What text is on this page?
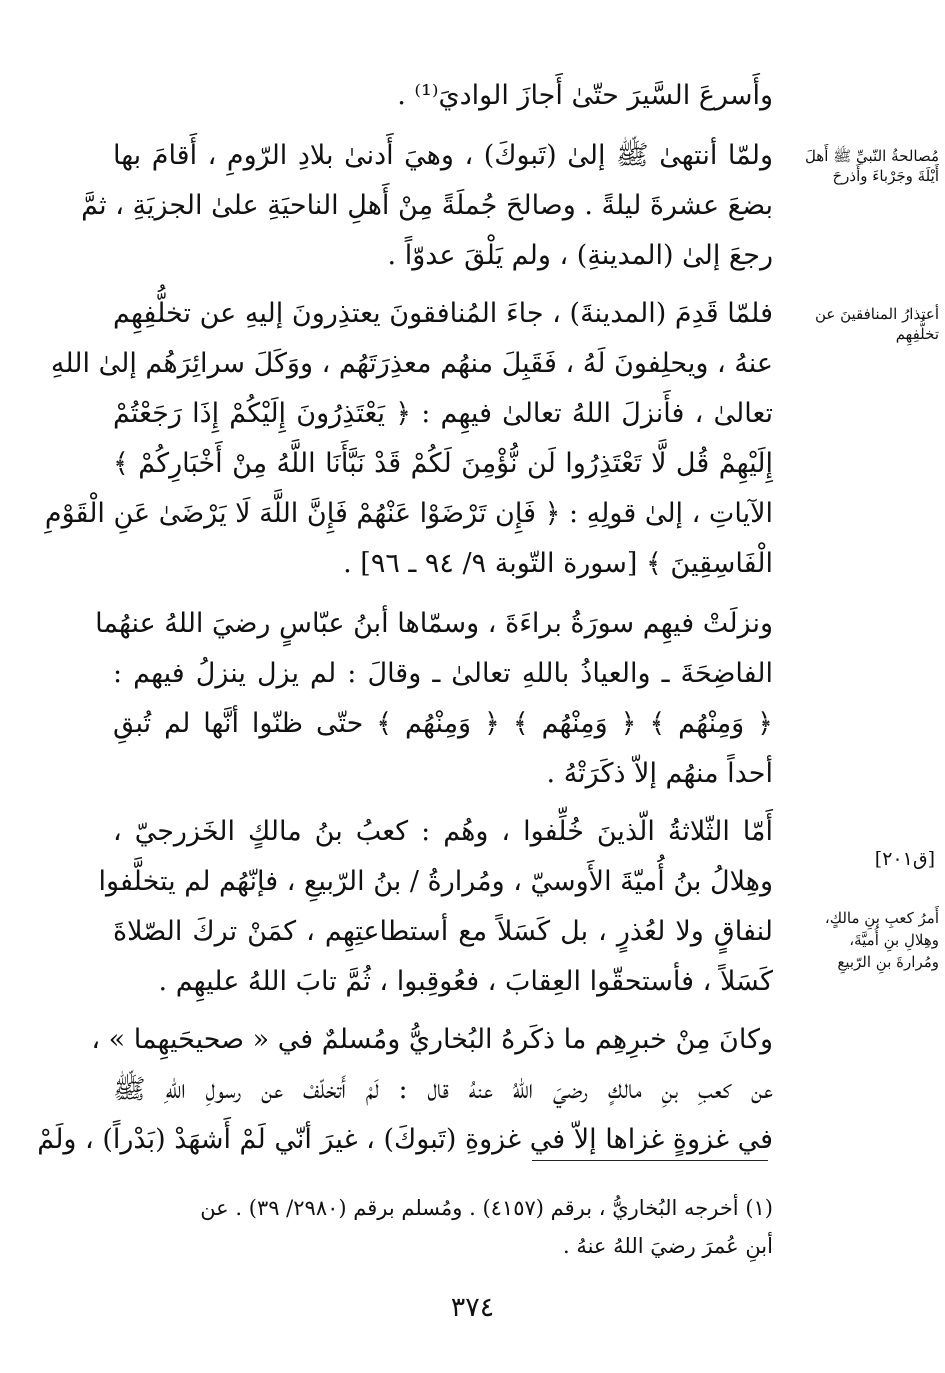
وأَسرعَ السَّيرَ حتّىٰ أَجازَ الواديَ⁽¹⁾ .
ولمّا أنتهىٰ ﷺ إلىٰ (تَبوكَ) ، وهيَ أَدنىٰ بلادِ الرّومِ ، أَقامَ بها
بضعَ عشرةَ ليلةً . وصالحَ جُملَةً مِنْ أَهلِ الناحيَةِ علىٰ الجزيَةِ ، ثمَّ
رجعَ إلىٰ (المدينةِ) ، ولم يَلْقَ عدوّاً .
فلمّا قَدِمَ (المدينةَ) ، جاءَ المُنافقونَ يعتذِرونَ إليهِ عن تخلُّفِهِم
عنهُ ، ويحلِفونَ لَهُ ، فَقَبِلَ منهُم معذِرَتَهُم ، ووَكَلَ سرائِرَهُم إلىٰ اللهِ
تعالىٰ ، فأَنزلَ اللهُ تعالىٰ فيهِم : ﴿ يَعْتَذِرُونَ إِلَيْكُمْ إِذَا رَجَعْتُمْ
إِلَيْهِمْ قُل لَّا تَعْتَذِرُوا لَن نُّؤْمِنَ لَكُمْ قَدْ نَبَّأَنَا اللَّهُ مِنْ أَخْبَارِكُمْ ﴾
الآياتِ ، إلىٰ قولِهِ : ﴿ فَإِن تَرْضَوْا عَنْهُمْ فَإِنَّ اللَّهَ لَا يَرْضَىٰ عَنِ الْقَوْمِ
الْفَاسِقِينَ ﴾ [سورة التّوبة ٩/ ٩٤ ـ ٩٦] .
ونزلَتْ فيهِم سورَةُ براءَةَ ، وسمّاها أبنُ عبّاسٍ رضيَ اللهُ عنهُما
الفاضِحَةَ ـ والعياذُ باللهِ تعالىٰ ـ وقالَ : لم يزل ينزلُ فيهم :
﴿ وَمِنْهُم ﴾ ﴿ وَمِنْهُم ﴾ ﴿ وَمِنْهُم ﴾ حتّى ظنّوا أنَّها لم تُبقِ
أحداً منهُم إلاّ ذكَرَتْهُ .
أَمّا الثّلاثةُ الّذينَ خُلِّفوا ، وهُم : كعبُ بنُ مالكٍ الخَزرجيّ ،
وهِلالُ بنُ أُميّةَ الأَوسيّ ، ومُرارةُ / بنُ الرّبيعِ ، فإنّهُم لم يتخلَّفوا
لنفاقٍ ولا لعُذرٍ ، بل كَسَلاً مع أستطاعتِهِم ، كمَنْ تركَ الصّلاةَ
كَسَلاً ، فأستحقّوا العِقابَ ، فعُوقِبوا ، ثُمَّ تابَ اللهُ عليهِم .
وكانَ مِنْ خبرِهِم ما ذكَرهُ البُخاريُّ ومُسلمٌ في « صحيحَيهِما » ،
عن كعبِ بنِ مالكٍ رضيَ اللهُ عنهُ قال : لَمْ أَتخلّفْ عن رسولِ اللهِ ﷺ
في غزوةٍ غزاها إلاّ في غزوةِ (تَبوكَ) ، غيرَ أنّي لَمْ أَشهَدْ (بَدْراً) ، ولَمْ
مُصالحةُ النّبيِّ ﷺ أَهلَ
أَيْلَةَ وجَرْباءَ وأَذرحَ
أعتذارُ المنافقينَ عن
تخلُّفِهِم
أَمرُ كعبِ بنِ مالكٍ،
وهِلالِ بنِ أُميَّةَ،
ومُرارةَ بنِ الرّبيعِ
[ق٢٠١]
(١) أخرجه البُخاريُّ ، برقم (٤١٥٧) . ومُسلم برقم (٢٩٨٠/ ٣٩) . عن
أبنِ عُمرَ رضيَ اللهُ عنهُ .
٣٧٤
